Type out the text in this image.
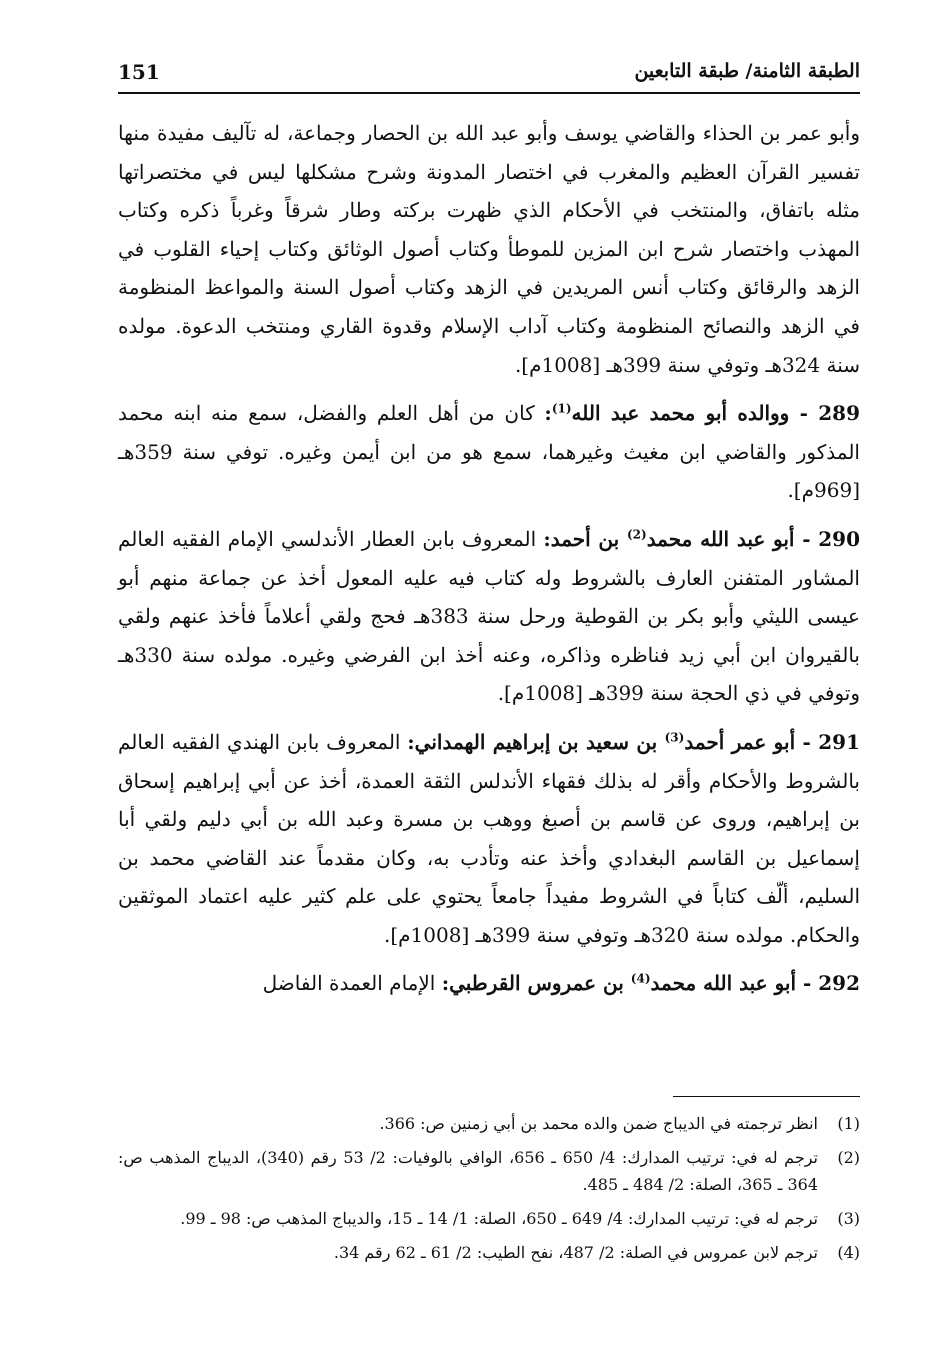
الطبقة الثامنة/ طبقة التابعين
151

وأبو عمر بن الحذاء والقاضي يوسف وأبو عبد الله بن الحصار وجماعة، له تآليف مفيدة منها تفسير القرآن العظيم والمغرب في اختصار المدونة وشرح مشكلها ليس في مختصراتها مثله باتفاق، والمنتخب في الأحكام الذي ظهرت بركته وطار شرقاً وغرباً ذكره وكتاب المهذب واختصار شرح ابن المزين للموطأ وكتاب أصول الوثائق وكتاب إحياء القلوب في الزهد والرقائق وكتاب أنس المريدين في الزهد وكتاب أصول السنة والمواعظ المنظومة في الزهد والنصائح المنظومة وكتاب آداب الإسلام وقدوة القاري ومنتخب الدعوة. مولده سنة 324هـ وتوفي سنة 399هـ [1008م].

289 - ووالده أبو محمد عبد الله$^{(1)}$: كان من أهل العلم والفضل، سمع منه ابنه محمد المذكور والقاضي ابن مغيث وغيرهما، سمع هو من ابن أيمن وغيره. توفي سنة 359هـ [969م].

290 - أبو عبد الله محمد$^{(2)}$ بن أحمد: المعروف بابن العطار الأندلسي الإمام الفقيه العالم المشاور المتفنن العارف بالشروط وله كتاب فيه عليه المعول أخذ عن جماعة منهم أبو عيسى الليثي وأبو بكر بن القوطية ورحل سنة 383هـ فحج ولقي أعلاماً فأخذ عنهم ولقي بالقيروان ابن أبي زيد فناظره وذاكره، وعنه أخذ ابن الفرضي وغيره. مولده سنة 330هـ وتوفي في ذي الحجة سنة 399هـ [1008م].

291 - أبو عمر أحمد$^{(3)}$ بن سعيد بن إبراهيم الهمداني: المعروف بابن الهندي الفقيه العالم بالشروط والأحكام وأقر له بذلك فقهاء الأندلس الثقة العمدة، أخذ عن أبي إبراهيم إسحاق بن إبراهيم، وروى عن قاسم بن أصبغ ووهب بن مسرة وعبد الله بن أبي دليم ولقي أبا إسماعيل بن القاسم البغدادي وأخذ عنه وتأدب به، وكان مقدماً عند القاضي محمد بن السليم، ألّف كتاباً في الشروط مفيداً جامعاً يحتوي على علم كثير عليه اعتماد الموثقين والحكام. مولده سنة 320هـ وتوفي سنة 399هـ [1008م].

292 - أبو عبد الله محمد$^{(4)}$ بن عمروس القرطبي: الإمام العمدة الفاضل

(1)
انظر ترجمته في الديباج ضمن والده محمد بن أبي زمنين ص: 366.
(2)
ترجم له في: ترتيب المدارك: 4/ 650 ـ 656، الوافي بالوفيات: 2/ 53 رقم (340)، الديباج المذهب ص: 364 ـ 365، الصلة: 2/ 484 ـ 485.
(3)
ترجم له في: ترتيب المدارك: 4/ 649 ـ 650، الصلة: 1/ 14 ـ 15، والديباج المذهب ص: 98 ـ 99.
(4)
ترجم لابن عمروس في الصلة: 2/ 487، نفح الطيب: 2/ 61 ـ 62 رقم 34.
